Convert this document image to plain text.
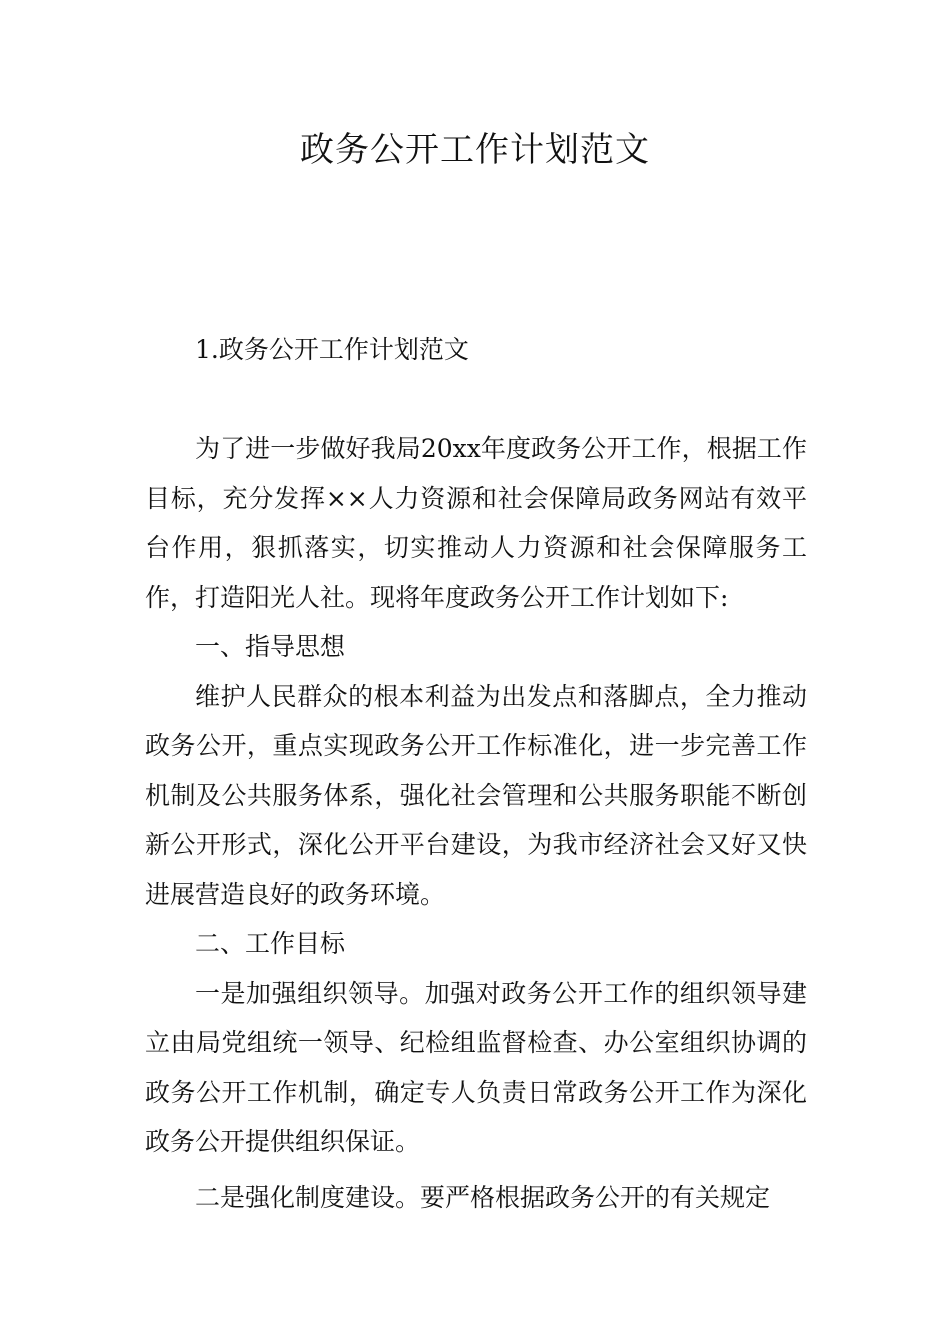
政务公开工作计划范文

1.政务公开工作计划范文

为了进一步做好我局20xx年度政务公开工作，根据工作目标，充分发挥××人力资源和社会保障局政务网站有效平台作用，狠抓落实，切实推动人力资源和社会保障服务工作，打造阳光人社。现将年度政务公开工作计划如下:

一、指导思想

维护人民群众的根本利益为出发点和落脚点，全力推动政务公开，重点实现政务公开工作标准化，进一步完善工作机制及公共服务体系，强化社会管理和公共服务职能不断创新公开形式，深化公开平台建设，为我市经济社会又好又快进展营造良好的政务环境。

二、工作目标

一是加强组织领导。加强对政务公开工作的组织领导建立由局党组统一领导、纪检组监督检查、办公室组织协调的政务公开工作机制，确定专人负责日常政务公开工作为深化政务公开提供组织保证。

二是强化制度建设。要严格根据政务公开的有关规定
